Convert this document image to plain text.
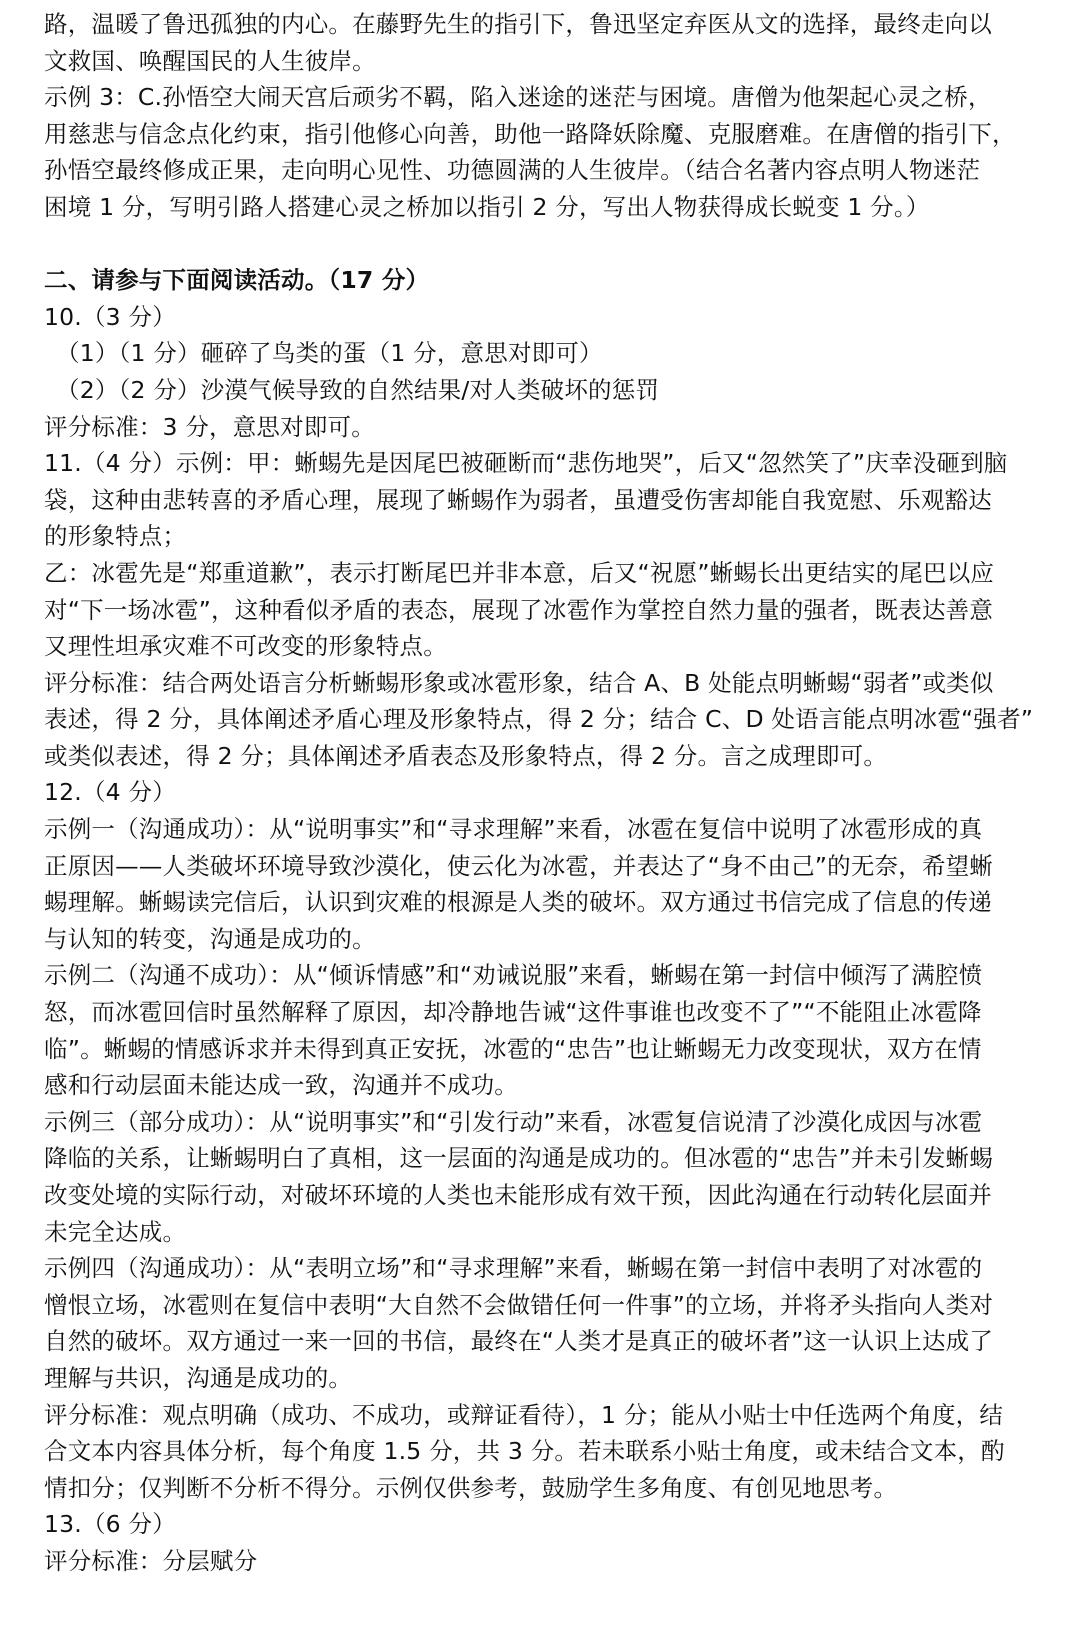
路，温暖了鲁迅孤独的内心。在藤野先生的指引下，鲁迅坚定弃医从文的选择，最终走向以
文救国、唤醒国民的人生彼岸。
示例 3：C.孙悟空大闹天宫后顽劣不羁，陷入迷途的迷茫与困境。唐僧为他架起心灵之桥，
用慈悲与信念点化约束，指引他修心向善，助他一路降妖除魔、克服磨难。在唐僧的指引下，
孙悟空最终修成正果，走向明心见性、功德圆满的人生彼岸。（结合名著内容点明人物迷茫
困境 1 分，写明引路人搭建心灵之桥加以指引 2 分，写出人物获得成长蜕变 1 分。）
二、请参与下面阅读活动。（17 分）
10.（3 分）
（1）（1 分）砸碎了鸟类的蛋（1 分，意思对即可）
（2）（2 分）沙漠气候导致的自然结果/对人类破坏的惩罚
评分标准：3 分，意思对即可。
11.（4 分）示例：甲：蜥蜴先是因尾巴被砸断而“悲伤地哭”，后又“忽然笑了”庆幸没砸到脑
袋，这种由悲转喜的矛盾心理，展现了蜥蜴作为弱者，虽遭受伤害却能自我宽慰、乐观豁达
的形象特点；
乙：冰雹先是“郑重道歉”，表示打断尾巴并非本意，后又“祝愿”蜥蜴长出更结实的尾巴以应
对“下一场冰雹”，这种看似矛盾的表态，展现了冰雹作为掌控自然力量的强者，既表达善意
又理性坦承灾难不可改变的形象特点。
评分标准：结合两处语言分析蜥蜴形象或冰雹形象，结合 A、B 处能点明蜥蜴“弱者”或类似
表述，得 2 分，具体阐述矛盾心理及形象特点，得 2 分；结合 C、D 处语言能点明冰雹“强者”
或类似表述，得 2 分；具体阐述矛盾表态及形象特点，得 2 分。言之成理即可。
12.（4 分）
示例一（沟通成功）：从“说明事实”和“寻求理解”来看，冰雹在复信中说明了冰雹形成的真
正原因——人类破坏环境导致沙漠化，使云化为冰雹，并表达了“身不由己”的无奈，希望蜥
蜴理解。蜥蜴读完信后，认识到灾难的根源是人类的破坏。双方通过书信完成了信息的传递
与认知的转变，沟通是成功的。
示例二（沟通不成功）：从“倾诉情感”和“劝诫说服”来看，蜥蜴在第一封信中倾泻了满腔愤
怒，而冰雹回信时虽然解释了原因，却冷静地告诫“这件事谁也改变不了”“不能阻止冰雹降
临”。蜥蜴的情感诉求并未得到真正安抚，冰雹的“忠告”也让蜥蜴无力改变现状，双方在情
感和行动层面未能达成一致，沟通并不成功。
示例三（部分成功）：从“说明事实”和“引发行动”来看，冰雹复信说清了沙漠化成因与冰雹
降临的关系，让蜥蜴明白了真相，这一层面的沟通是成功的。但冰雹的“忠告”并未引发蜥蜴
改变处境的实际行动，对破坏环境的人类也未能形成有效干预，因此沟通在行动转化层面并
未完全达成。
示例四（沟通成功）：从“表明立场”和“寻求理解”来看，蜥蜴在第一封信中表明了对冰雹的
憎恨立场，冰雹则在复信中表明“大自然不会做错任何一件事”的立场，并将矛头指向人类对
自然的破坏。双方通过一来一回的书信，最终在“人类才是真正的破坏者”这一认识上达成了
理解与共识，沟通是成功的。
评分标准：观点明确（成功、不成功，或辩证看待），1 分；能从小贴士中任选两个角度，结
合文本内容具体分析，每个角度 1.5 分，共 3 分。若未联系小贴士角度，或未结合文本，酌
情扣分；仅判断不分析不得分。示例仅供参考，鼓励学生多角度、有创见地思考。
13.（6 分）
评分标准：分层赋分
